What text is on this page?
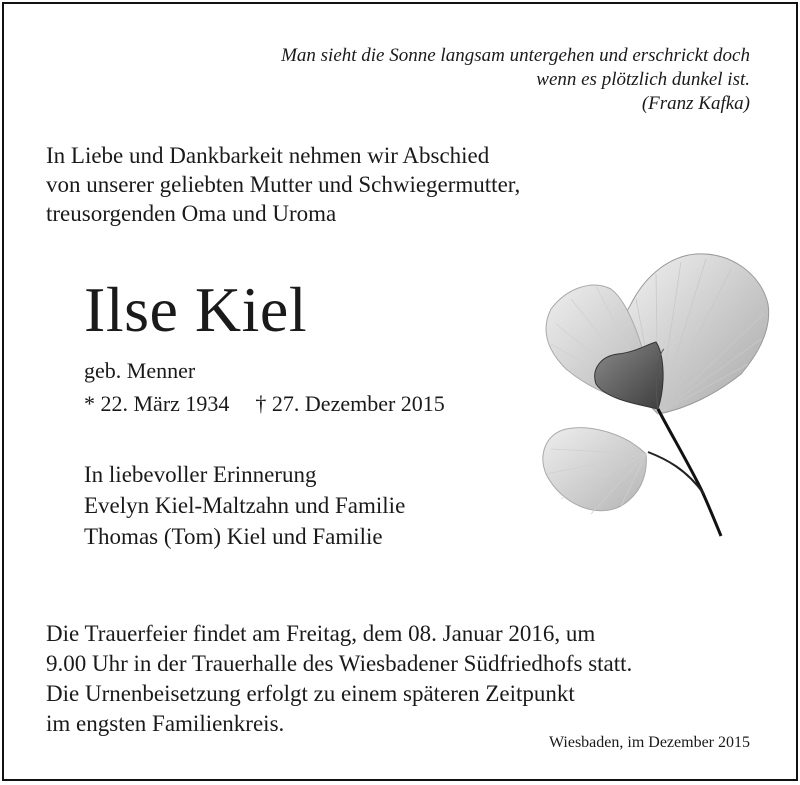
Man sieht die Sonne langsam untergehen und erschrickt doch
wenn es plötzlich dunkel ist.
(Franz Kafka)
In Liebe und Dankbarkeit nehmen wir Abschied
von unserer geliebten Mutter und Schwiegermutter,
treusorgenden Oma und Uroma
Ilse Kiel
geb. Menner
* 22. März 1934 † 27. Dezember 2015
In liebevoller Erinnerung
Evelyn Kiel-Maltzahn und Familie
Thomas (Tom) Kiel und Familie
Die Trauerfeier findet am Freitag, dem 08. Januar 2016, um
9.00 Uhr in der Trauerhalle des Wiesbadener Südfriedhofs statt.
Die Urnenbeisetzung erfolgt zu einem späteren Zeitpunkt
im engsten Familienkreis.
Wiesbaden, im Dezember 2015
